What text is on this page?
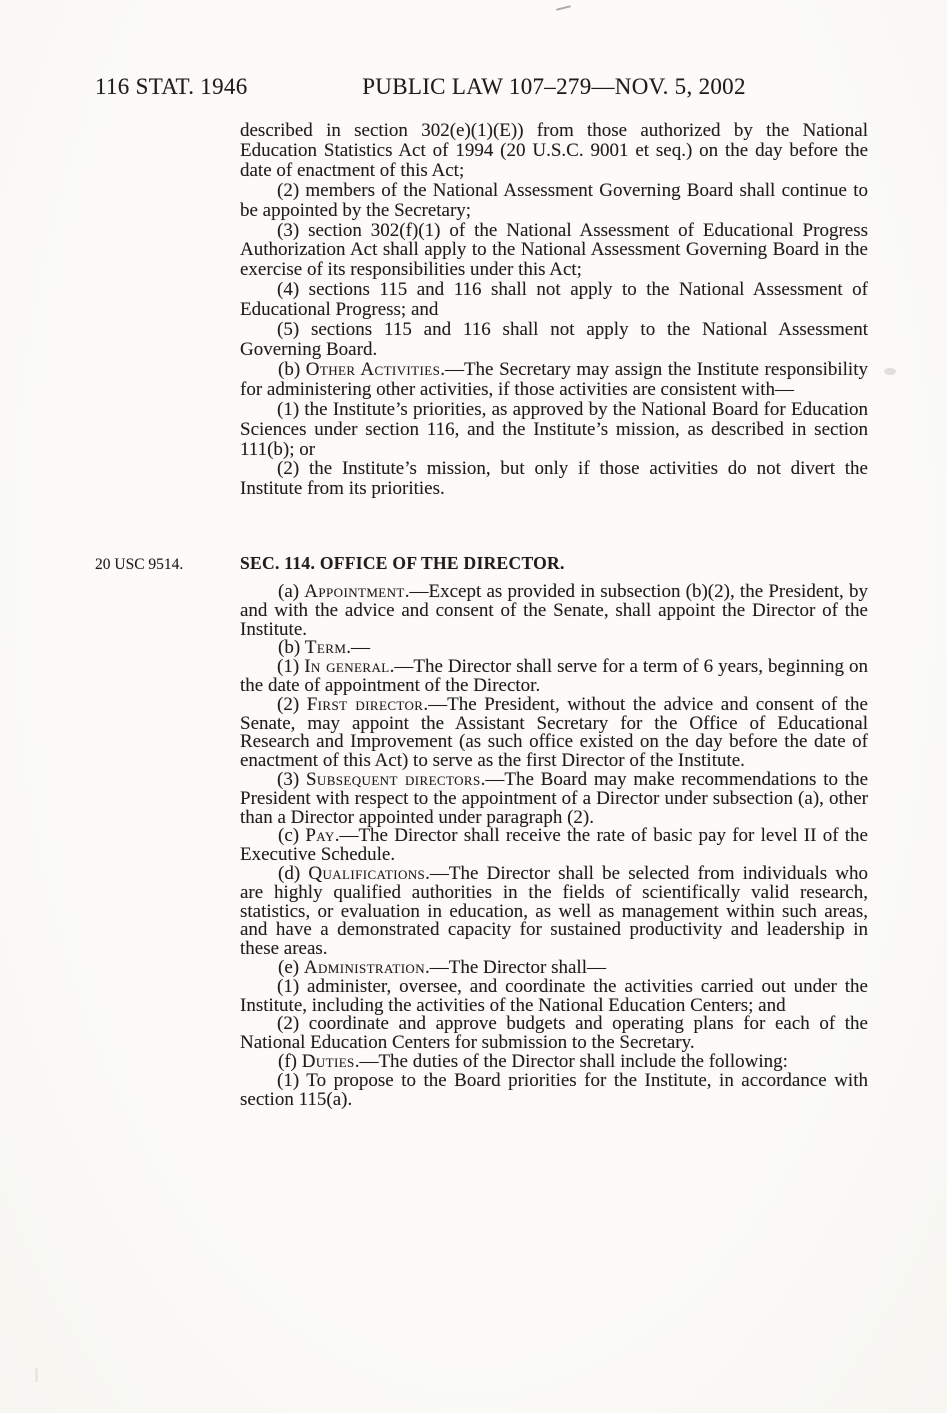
116 STAT. 1946	PUBLIC LAW 107–279—NOV. 5, 2002

described in section 302(e)(1)(E)) from those authorized by the National Education Statistics Act of 1994 (20 U.S.C. 9001 et seq.) on the day before the date of enactment of this Act;

(2) members of the National Assessment Governing Board shall continue to be appointed by the Secretary;

(3) section 302(f)(1) of the National Assessment of Educational Progress Authorization Act shall apply to the National Assessment Governing Board in the exercise of its responsibilities under this Act;

(4) sections 115 and 116 shall not apply to the National Assessment of Educational Progress; and

(5) sections 115 and 116 shall not apply to the National Assessment Governing Board.

(b) Other Activities.—The Secretary may assign the Institute responsibility for administering other activities, if those activities are consistent with—

(1) the Institute’s priorities, as approved by the National Board for Education Sciences under section 116, and the Institute’s mission, as described in section 111(b); or

(2) the Institute’s mission, but only if those activities do not divert the Institute from its priorities.

20 USC 9514.	SEC. 114. OFFICE OF THE DIRECTOR.

(a) Appointment.—Except as provided in subsection (b)(2), the President, by and with the advice and consent of the Senate, shall appoint the Director of the Institute.

(b) Term.—

(1) In general.—The Director shall serve for a term of 6 years, beginning on the date of appointment of the Director.

(2) First director.—The President, without the advice and consent of the Senate, may appoint the Assistant Secretary for the Office of Educational Research and Improvement (as such office existed on the day before the date of enactment of this Act) to serve as the first Director of the Institute.

(3) Subsequent directors.—The Board may make recommendations to the President with respect to the appointment of a Director under subsection (a), other than a Director appointed under paragraph (2).

(c) Pay.—The Director shall receive the rate of basic pay for level II of the Executive Schedule.

(d) Qualifications.—The Director shall be selected from individuals who are highly qualified authorities in the fields of scientifically valid research, statistics, or evaluation in education, as well as management within such areas, and have a demonstrated capacity for sustained productivity and leadership in these areas.

(e) Administration.—The Director shall—

(1) administer, oversee, and coordinate the activities carried out under the Institute, including the activities of the National Education Centers; and

(2) coordinate and approve budgets and operating plans for each of the National Education Centers for submission to the Secretary.

(f) Duties.—The duties of the Director shall include the following:

(1) To propose to the Board priorities for the Institute, in accordance with section 115(a).
